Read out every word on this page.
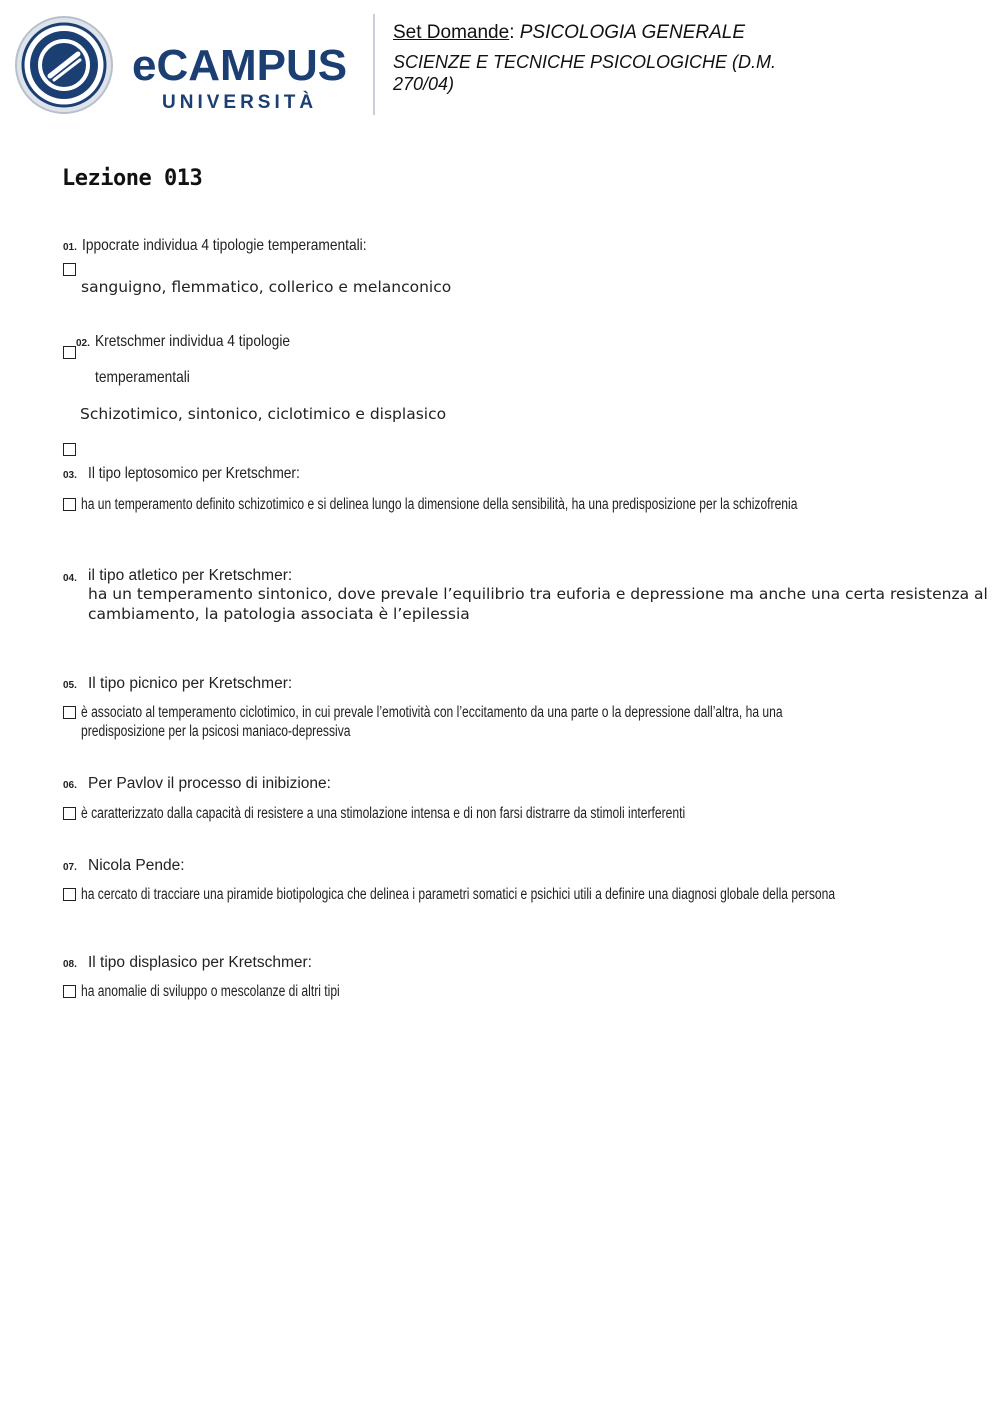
eCAMPUS
UNIVERSITÀ
Set Domande: PSICOLOGIA GENERALE
SCIENZE E TECNICHE PSICOLOGICHE (D.M. 270/04)
Lezione 013
01. Ippocrate individua 4 tipologie temperamentali:
sanguigno, flemmatico, collerico e melanconico
02. Kretschmer individua 4 tipologie
temperamentali
Schizotimico, sintonico, ciclotimico e displasico
03. Il tipo leptosomico per Kretschmer:
ha un temperamento definito schizotimico e si delinea lungo la dimensione della sensibilità, ha una predisposizione per la schizofrenia
04. il tipo atletico per Kretschmer:
ha un temperamento sintonico, dove prevale l’equilibrio tra euforia e depressione ma anche una certa resistenza al
cambiamento, la patologia associata è l’epilessia
05. Il tipo picnico per Kretschmer:
è associato al temperamento ciclotimico, in cui prevale l’emotività con l’eccitamento da una parte o la depressione dall’altra, ha una
predisposizione per la psicosi maniaco-depressiva
06. Per Pavlov il processo di inibizione:
è caratterizzato dalla capacità di resistere a una stimolazione intensa e di non farsi distrarre da stimoli interferenti
07. Nicola Pende:
ha cercato di tracciare una piramide biotipologica che delinea i parametri somatici e psichici utili a definire una diagnosi globale della persona
08. Il tipo displasico per Kretschmer:
ha anomalie di sviluppo o mescolanze di altri tipi
